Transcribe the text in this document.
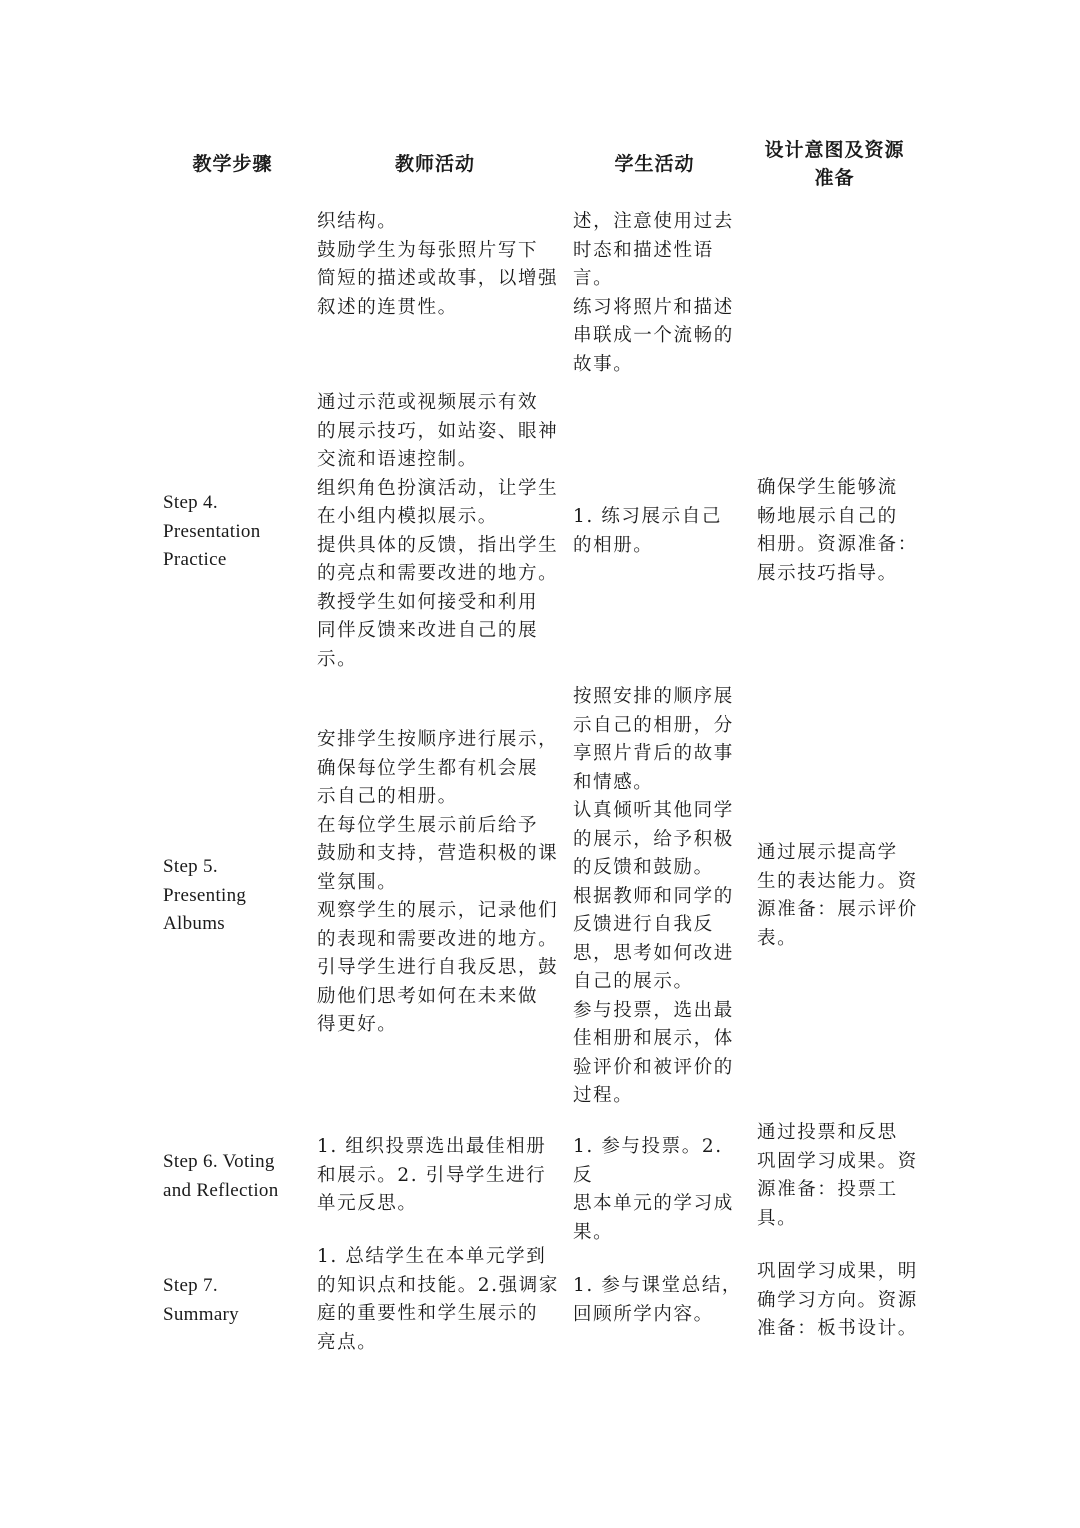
教学步骤	教师活动	学生活动
设计意图及资源
准备
织结构。
鼓励学生为每张照片写下
简短的描述或故事，以增强
叙述的连贯性。
述，注意使用过去
时态和描述性语
言。
练习将照片和描述
串联成一个流畅的
故事。
Step 4.
Presentation
Practice
通过示范或视频展示有效
的展示技巧，如站姿、眼神
交流和语速控制。
组织角色扮演活动，让学生
在小组内模拟展示。
提供具体的反馈，指出学生
的亮点和需要改进的地方。
教授学生如何接受和利用
同伴反馈来改进自己的展
示。
1. 练习展示自己
的相册。
确保学生能够流
畅地展示自己的
相册。资源准备：
展示技巧指导。
Step 5.
Presenting
Albums
安排学生按顺序进行展示，
确保每位学生都有机会展
示自己的相册。
在每位学生展示前后给予
鼓励和支持，营造积极的课
堂氛围。
观察学生的展示，记录他们
的表现和需要改进的地方。
引导学生进行自我反思，鼓
励他们思考如何在未来做
得更好。
按照安排的顺序展
示自己的相册，分
享照片背后的故事
和情感。
认真倾听其他同学
的展示，给予积极
的反馈和鼓励。
根据教师和同学的
反馈进行自我反
思，思考如何改进
自己的展示。
参与投票，选出最
佳相册和展示，体
验评价和被评价的
过程。
通过展示提高学
生的表达能力。资
源准备：展示评价
表。
Step 6. Voting
and Reflection
1. 组织投票选出最佳相册
和展示。2. 引导学生进行
单元反思。
1. 参与投票。2. 反
思本单元的学习成
果。
通过投票和反思
巩固学习成果。资
源准备：投票工
具。
Step 7.
Summary
1. 总结学生在本单元学到
的知识点和技能。2.强调家
庭的重要性和学生展示的
亮点。
1. 参与课堂总结，
回顾所学内容。
巩固学习成果，明
确学习方向。资源
准备：板书设计。
